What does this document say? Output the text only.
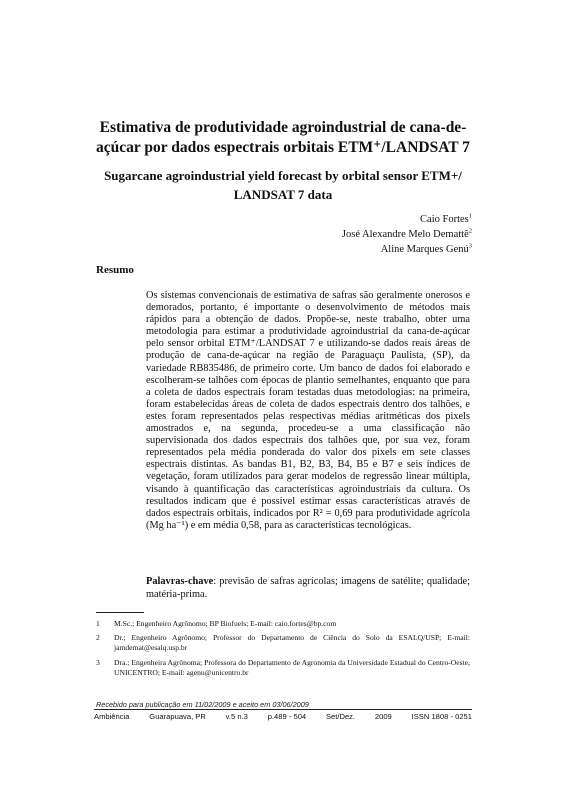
Estimativa de produtividade agroindustrial de cana-de-açúcar por dados espectrais orbitais ETM⁺/LANDSAT 7
Sugarcane agroindustrial yield forecast by orbital sensor ETM+/ LANDSAT 7 data
Caio Fortes$^1$
José Alexandre Melo Demattê$^2$
Aline Marques Genú$^3$
Resumo

Os sistemas convencionais de estimativa de safras são geralmente onerosos e demorados, portanto, é importante o desenvolvimento de métodos mais rápidos para a obtenção de dados. Propõe-se, neste trabalho, obter uma metodologia para estimar a produtividade agroindustrial da cana-de-açúcar pelo sensor orbital ETM⁺/LANDSAT 7 e utilizando-se dados reais áreas de produção de cana-de-açúcar na região de Paraguaçu Paulista, (SP), da variedade RB835486, de primeiro corte. Um banco de dados foi elaborado e escolheram-se talhões com épocas de plantio semelhantes, enquanto que para a coleta de dados espectrais foram testadas duas metodologias: na primeira, foram estabelecidas áreas de coleta de dados espectrais dentro dos talhões, e estes foram representados pelas respectivas médias aritméticas dos pixels amostrados e, na segunda, procedeu-se a uma classificação não supervisionada dos dados espectrais dos talhões que, por sua vez, foram representados pela média ponderada do valor dos pixels em sete classes espectrais distintas. As bandas B1, B2, B3, B4, B5 e B7 e seis índices de vegetação, foram utilizados para gerar modelos de regressão linear múltipla, visando à quantificação das características agroindustriais da cultura. Os resultados indicam que é possível estimar essas características através de dados espectrais orbitais, indicados por R² = 0,69 para produtividade agrícola (Mg ha⁻¹) e em média 0,58, para as características tecnológicas.

Palavras-chave: previsão de safras agrícolas; imagens de satélite; qualidade; matéria-prima.

1 M.Sc.; Engenheiro Agrônomo; BP Biofuels; E-mail: caio.fortes@bp.com
2 Dr.; Engenheiro Agrônomo; Professor do Departamento de Ciência do Solo da ESALQ/USP; E-mail: jamdemat@esalq.usp.br
3 Dra.; Engenheira Agrônoma; Professora do Departamento de Agronomia da Universidade Estadual do Centro-Oeste, UNICENTRO; E-mail: agenu@unicentro.br
Recebido para publicação em 11/02/2009 e aceito em 03/06/2009
Ambiência	Guarapuava, PR	v.5 n.3	p.489 - 504	Set/Dez.	2009	ISSN 1808 - 0251
